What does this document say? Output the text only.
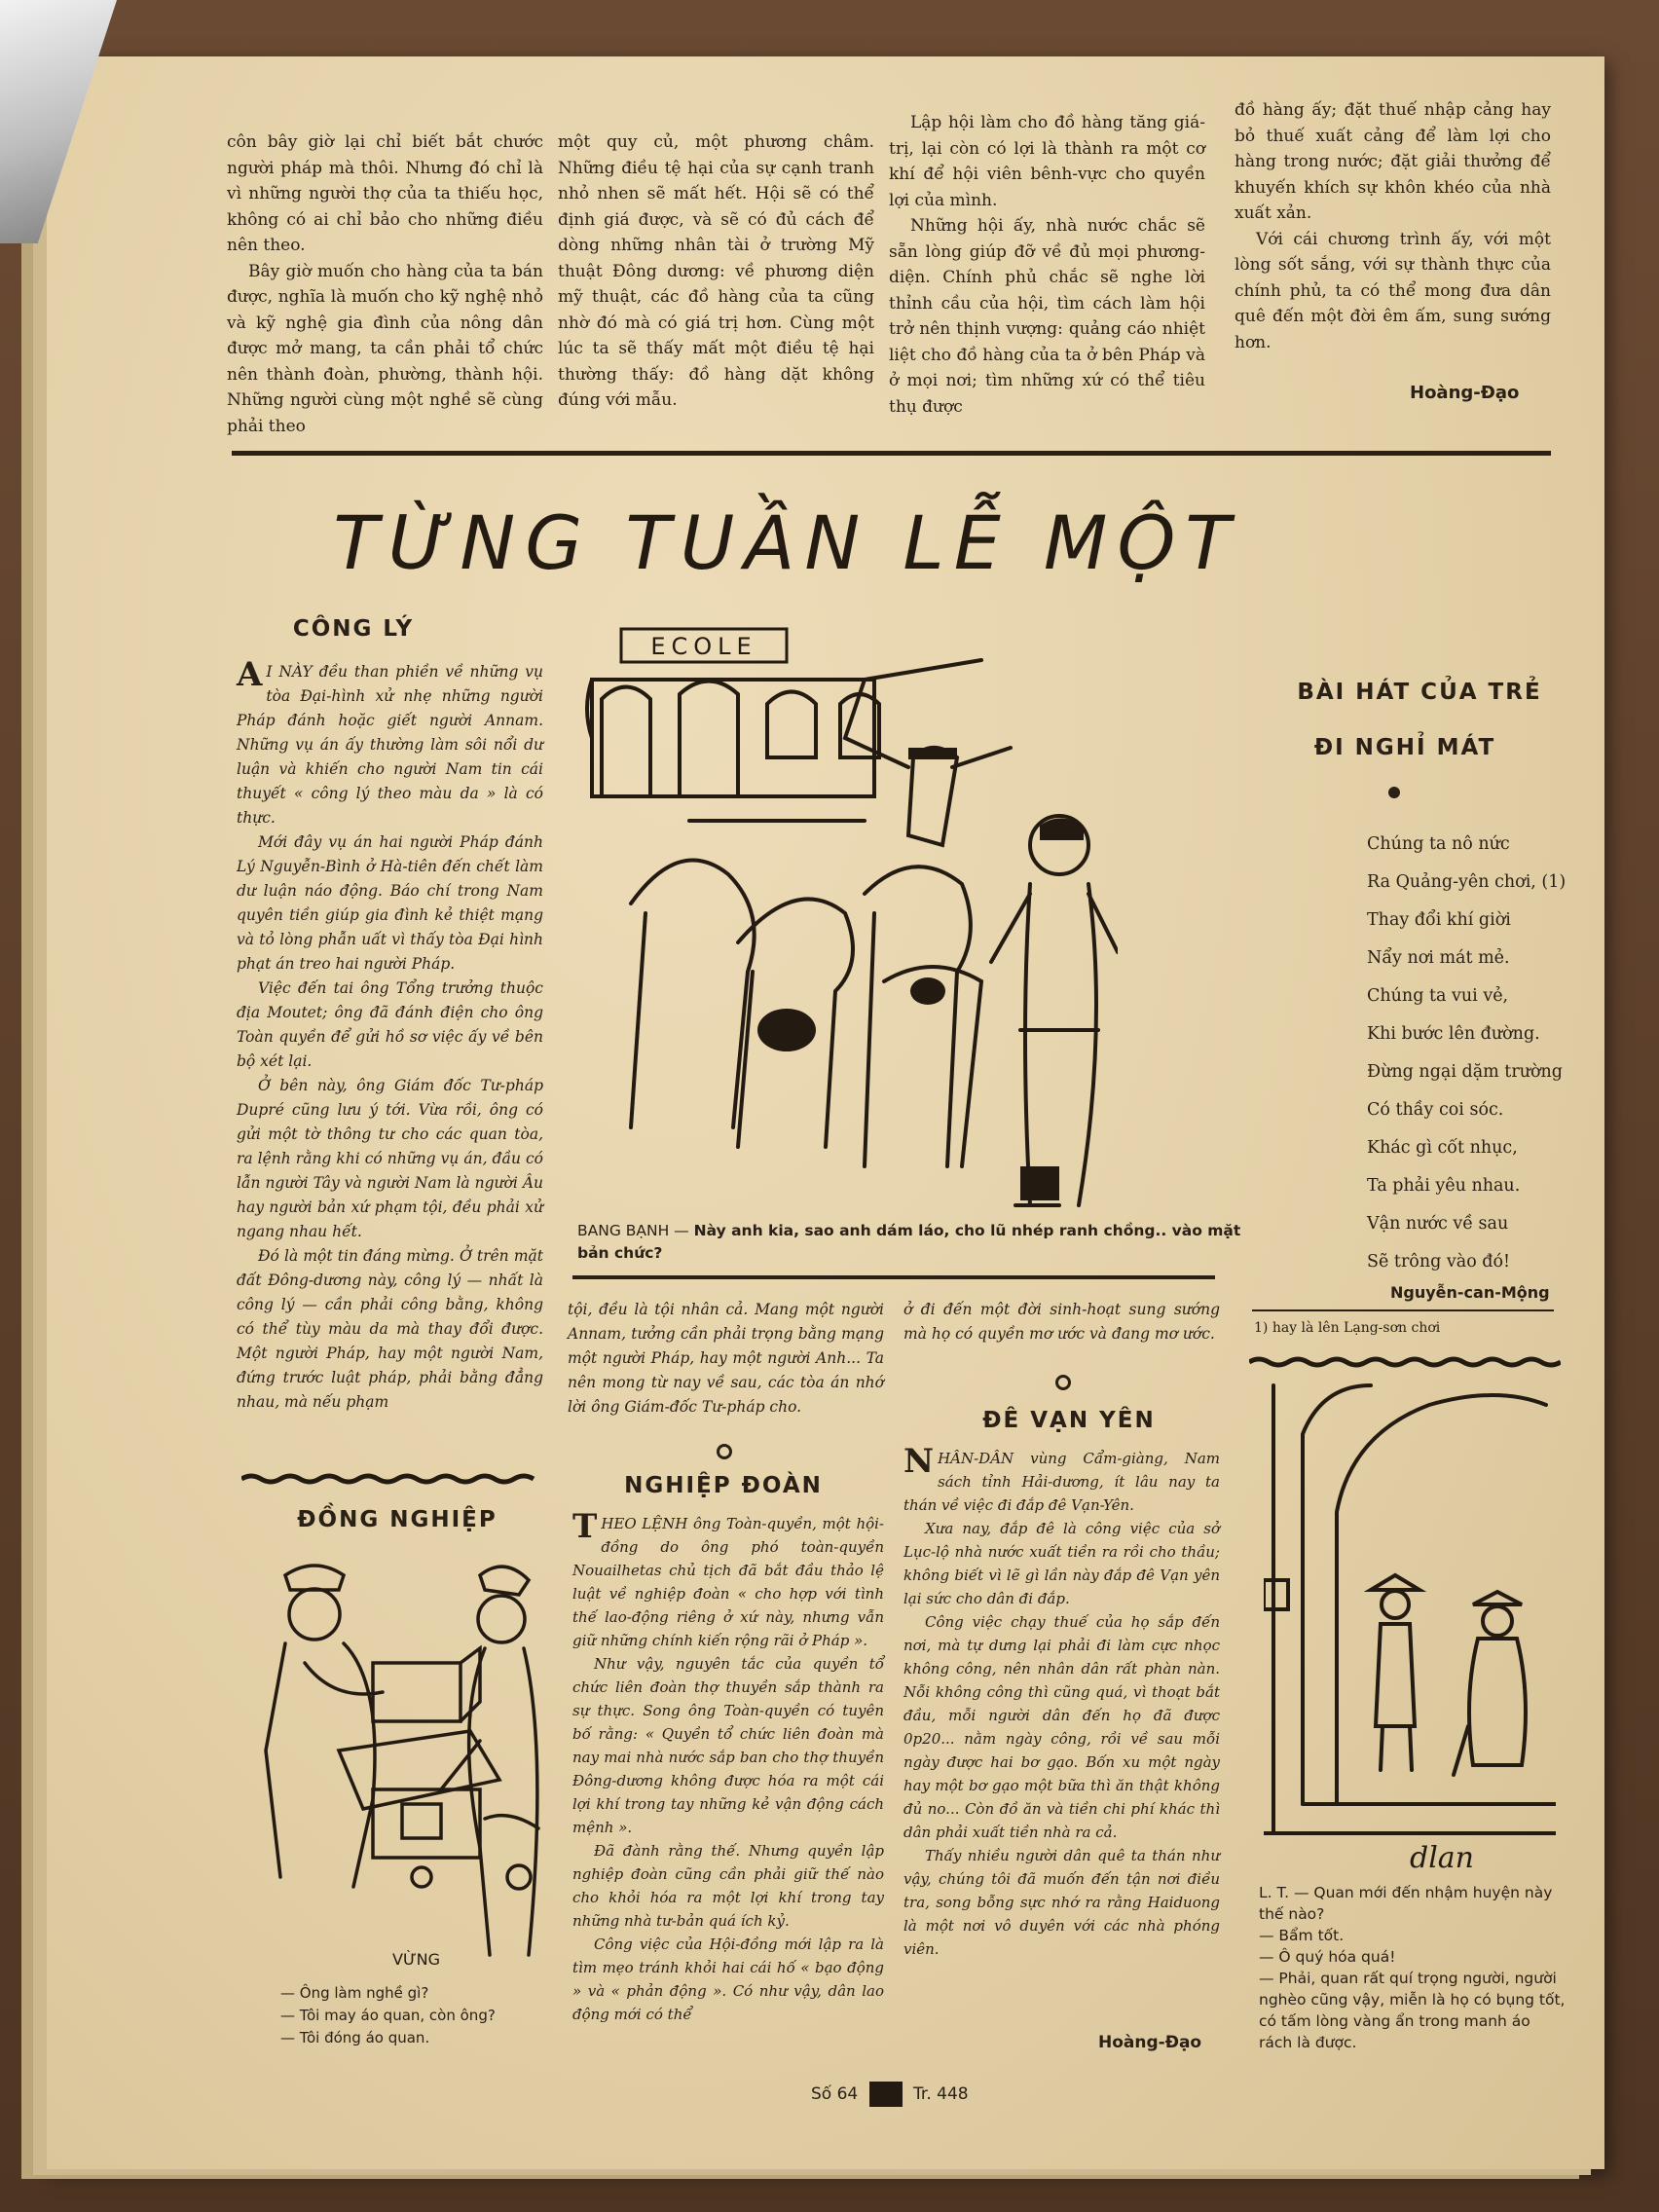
côn bây giờ lại chỉ biết bắt chước người pháp mà thôi. Nhưng đó chỉ là vì những người thợ của ta thiếu học, không có ai chỉ bảo cho những điều nên theo.

Bây giờ muốn cho hàng của ta bán được, nghĩa là muốn cho kỹ nghệ nhỏ và kỹ nghệ gia đình của nông dân được mở mang, ta cần phải tổ chức nên thành đoàn, phường, thành hội. Những người cùng một nghề sẽ cùng phải theo

một quy củ, một phương châm. Những điều tệ hại của sự cạnh tranh nhỏ nhen sẽ mất hết. Hội sẽ có thể định giá được, và sẽ có đủ cách để dòng những nhân tài ở trường Mỹ thuật Đông dương: về phương diện mỹ thuật, các đồ hàng của ta cũng nhờ đó mà có giá trị hơn. Cùng một lúc ta sẽ thấy mất một điều tệ hại thường thấy: đồ hàng dặt không đúng với mẫu.

Lập hội làm cho đồ hàng tăng giá-trị, lại còn có lợi là thành ra một cơ khí để hội viên bênh-vực cho quyền lợi của mình.

Những hội ấy, nhà nước chắc sẽ sẵn lòng giúp đỡ về đủ mọi phương-diện. Chính phủ chắc sẽ nghe lời thỉnh cầu của hội, tìm cách làm hội trở nên thịnh vượng: quảng cáo nhiệt liệt cho đồ hàng của ta ở bên Pháp và ở mọi nơi; tìm những xứ có thể tiêu thụ được

đồ hàng ấy; đặt thuế nhập cảng hay bỏ thuế xuất cảng để làm lợi cho hàng trong nước; đặt giải thưởng để khuyến khích sự khôn khéo của nhà xuất xản.

Với cái chương trình ấy, với một lòng sốt sắng, với sự thành thực của chính phủ, ta có thể mong đưa dân quê đến một đời êm ấm, sung sướng hơn.

Hoàng-Đạo
TỪNG TUẦN LỄ MỘT
CÔNG LÝ

A I NÀY đều than phiền về những vụ tòa Đại-hình xử nhẹ những người Pháp đánh hoặc giết người Annam. Những vụ án ấy thường làm sôi nổi dư luận và khiến cho người Nam tin cái thuyết « công lý theo màu da » là có thực.

Mới đây vụ án hai người Pháp đánh Lý Nguyễn-Bình ở Hà-tiên đến chết làm dư luận náo động. Báo chí trong Nam quyên tiền giúp gia đình kẻ thiệt mạng và tỏ lòng phẫn uất vì thấy tòa Đại hình phạt án treo hai người Pháp.

Việc đến tai ông Tổng trưởng thuộc địa Moutet; ông đã đánh điện cho ông Toàn quyền để gửi hồ sơ việc ấy về bên bộ xét lại.

Ở bên này, ông Giám đốc Tư-pháp Dupré cũng lưu ý tới. Vừa rồi, ông có gửi một tờ thông tư cho các quan tòa, ra lệnh rằng khi có những vụ án, đầu có lẫn người Tây và người Nam là người Âu hay người bản xứ phạm tội, đều phải xử ngang nhau hết.

Đó là một tin đáng mừng. Ở trên mặt đất Đông-dương này, công lý — nhất là công lý — cần phải công bằng, không có thể tùy màu da mà thay đổi được. Một người Pháp, hay một người Nam, đứng trước luật pháp, phải bằng đẳng nhau, mà nếu phạm

ECOLE
BANG BẠNH — Này anh kia, sao anh dám láo, cho lũ nhép ranh chồng.. vào mặt bản chức?
BÀI HÁT CỦA TRẺ
ĐI NGHỈ MÁT
Chúng ta nô nức
Ra Quảng-yên chơi, (1)
Thay đổi khí giời
Nẩy nơi mát mẻ.
Chúng ta vui vẻ,
Khi bước lên đường.
Đừng ngại dặm trường
Có thầy coi sóc.
Khác gì cốt nhục,
Ta phải yêu nhau.
Vận nước về sau
Sẽ trông vào đó!
Nguyễn-can-Mộng
1) hay là lên Lạng-sơn chơi

tội, đều là tội nhân cả. Mang một người Annam, tưởng cần phải trọng bằng mạng một người Pháp, hay một người Anh... Ta nên mong từ nay về sau, các tòa án nhớ lời ông Giám-đốc Tư-pháp cho.

NGHIỆP ĐOÀN

THEO LỆNH ông Toàn-quyền, một hội-đồng do ông phó toàn-quyền Nouailhetas chủ tịch đã bắt đầu thảo lệ luật về nghiệp đoàn « cho hợp với tình thế lao-động riêng ở xứ này, nhưng vẫn giữ những chính kiến rộng rãi ở Pháp ».

Như vậy, nguyên tắc của quyền tổ chức liên đoàn thợ thuyền sắp thành ra sự thực. Song ông Toàn-quyền có tuyên bố rằng: « Quyền tổ chức liên đoàn mà nay mai nhà nước sắp ban cho thợ thuyền Đông-dương không được hóa ra một cái lợi khí trong tay những kẻ vận động cách mệnh ».

Đã đành rằng thế. Nhưng quyền lập nghiệp đoàn cũng cần phải giữ thế nào cho khỏi hóa ra một lợi khí trong tay những nhà tư-bản quá ích kỷ.

Công việc của Hội-đồng mới lập ra là tìm mẹo tránh khỏi hai cái hố « bạo động » và « phản động ». Có như vậy, dân lao động mới có thể

ở đi đến một đời sinh-hoạt sung sướng mà họ có quyền mơ ước và đang mơ ước.

ĐÊ VẠN YÊN

NHÂN-DÂN vùng Cẩm-giàng, Nam sách tỉnh Hải-dương, ít lâu nay ta thán về việc đi đắp đê Vạn-Yên.

Xưa nay, đắp đê là công việc của sở Lục-lộ nhà nước xuất tiền ra rồi cho thầu; không biết vì lẽ gì lần này đắp đê Vạn yên lại sức cho dân đi đắp.

Công việc chạy thuế của họ sắp đến nơi, mà tự dưng lại phải đi làm cực nhọc không công, nên nhân dân rất phàn nàn. Nỗi không công thì cũng quá, vì thoạt bắt đầu, mỗi người dân đến họ đã được 0p20... nằm ngày công, rồi về sau mỗi ngày được hai bơ gạo. Bốn xu một ngày hay một bơ gạo một bữa thì ăn thật không đủ no... Còn đồ ăn và tiền chi phí khác thì dân phải xuất tiền nhà ra cả.

Thấy nhiều người dân quê ta thán như vậy, chúng tôi đã muốn đến tận nơi điều tra, song bỗng sực nhớ ra rằng Haiduong là một nơi vô duyên với các nhà phóng viên.

Hoàng-Đạo
ĐỒNG NGHIỆP
VỪNG
— Ông làm nghề gì?
— Tôi may áo quan, còn ông?
— Tôi đóng áo quan.
dlan
L. T. — Quan mới đến nhậm huyện này thế nào?
— Bẩm tốt.
— Ô quý hóa quá!
— Phải, quan rất quí trọng người, người nghèo cũng vậy, miễn là họ có bụng tốt, có tấm lòng vàng ẩn trong manh áo rách là được.
Số 64	Tr. 448
